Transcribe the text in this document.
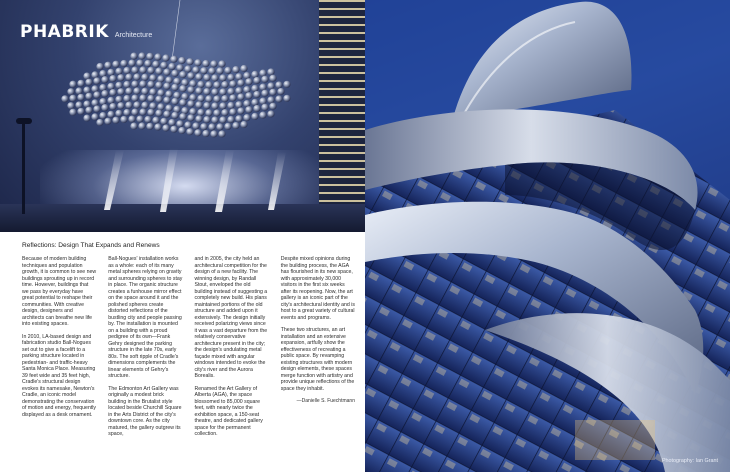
PHABRIK Architecture
Reflections: Design That Expands and Renews

Because of modern building techniques and population growth, it is common to see new buildings sprouting up in record time. However, buildings that we pass by everyday have great potential to reshape their communities. With creative design, designers and architects can breathe new life into existing spaces.

In 2010, LA-based design and fabrication studio Ball-Nogues set out to give a facelift to a parking structure located in pedestrian- and traffic-heavy Santa Monica Place. Measuring 39 feet wide and 35 feet high, Cradle's structural design evokes its namesake, Newton's Cradle, an iconic model demonstrating the conservation of motion and energy, frequently displayed as a desk ornament.

Ball-Nogues' installation works as a whole: each of its many metal spheres relying on gravity and surrounding spheres to stay in place. The organic structure creates a funhouse mirror effect on the space around it and the polished spheres create distorted reflections of the bustling city and people passing by. The installation is mounted on a building with a proud pedigree of its own—Frank Gehry designed the parking structure in the late 70s, early 80s. The soft ripple of Cradle's dimensions complements the linear elements of Gehry's structure.

The Edmonton Art Gallery was originally a modest brick building in the Brutalist style located beside Churchill Square in the Arts District of the city's downtown core. As the city matured, the gallery outgrew its space,

and in 2005, the city held an architectural competition for the design of a new facility. The winning design, by Randall Stout, enveloped the old building instead of suggesting a completely new build. His plans maintained portions of the old structure and added upon it extensively. The design initially received polarizing views since it was a vast departure from the relatively conservative architecture present in the city; the design's undulating metal façade mixed with angular windows intended to evoke the city's river and the Aurora Borealis.

Renamed the Art Gallery of Alberta (AGA), the space blossomed to 85,000 square feet, with nearly twice the exhibition space, a 150-seat theatre, and dedicated gallery space for the permanent collection.

Despite mixed opinions during the building process, the AGA has flourished in its new space, with approximately 30,000 visitors in the first six weeks after its reopening. Now, the art gallery is an iconic part of the city's architectural identity and is host to a great variety of cultural events and programs.

These two structures, an art installation and an extensive expansion, artfully show the effectiveness of recreating a public space. By revamping existing structures with modern design elements, these spaces merge function with artistry and provide unique reflections of the space they inhabit.

—Danielle S. Fuechtmann
Photography: Ian Grant
